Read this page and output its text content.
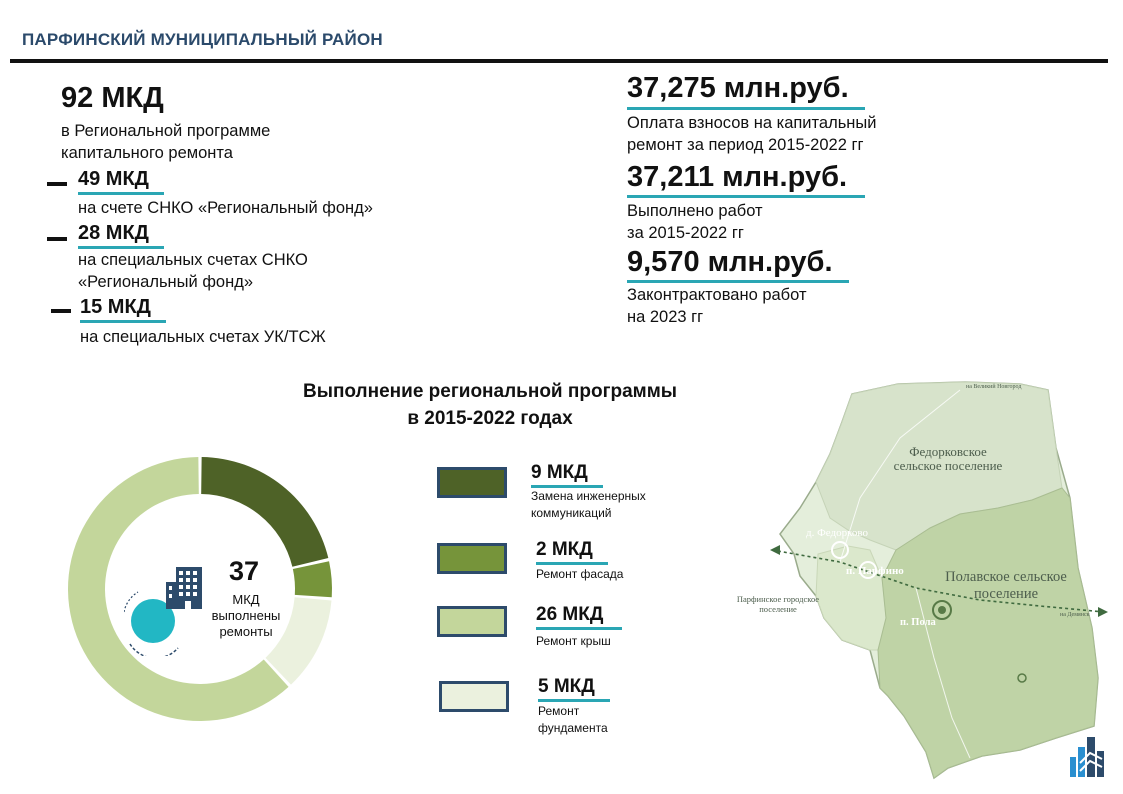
ПАРФИНСКИЙ МУНИЦИПАЛЬНЫЙ РАЙОН
92 МКД
в Региональной программе
капитального ремонта
49 МКД
на счете СНКО «Региональный фонд»
28 МКД
на специальных счетах СНКО
«Региональный фонд»
15 МКД
на специальных счетах УК/ТСЖ
37,275 млн.руб.
Оплата взносов на капитальный
ремонт за период 2015-2022 гг
37,211 млн.руб.
Выполнено работ
за 2015-2022 гг
9,570 млн.руб.
Законтрактовано работ
на 2023 гг
Выполнение региональной программы
в 2015-2022 годах
37
МКД
выполнены
ремонты
9 МКД
Замена инженерных
коммуникаций
2 МКД
Ремонт фасада
26 МКД
Ремонт крыш
5 МКД
Ремонт
фундамента
Федорковское
сельское поселение
Полавское сельское
поселение
Парфинское городское
поселение
д. Федорково
п. Парфино
п. Пола
на Великий Новгород
на Демянск
